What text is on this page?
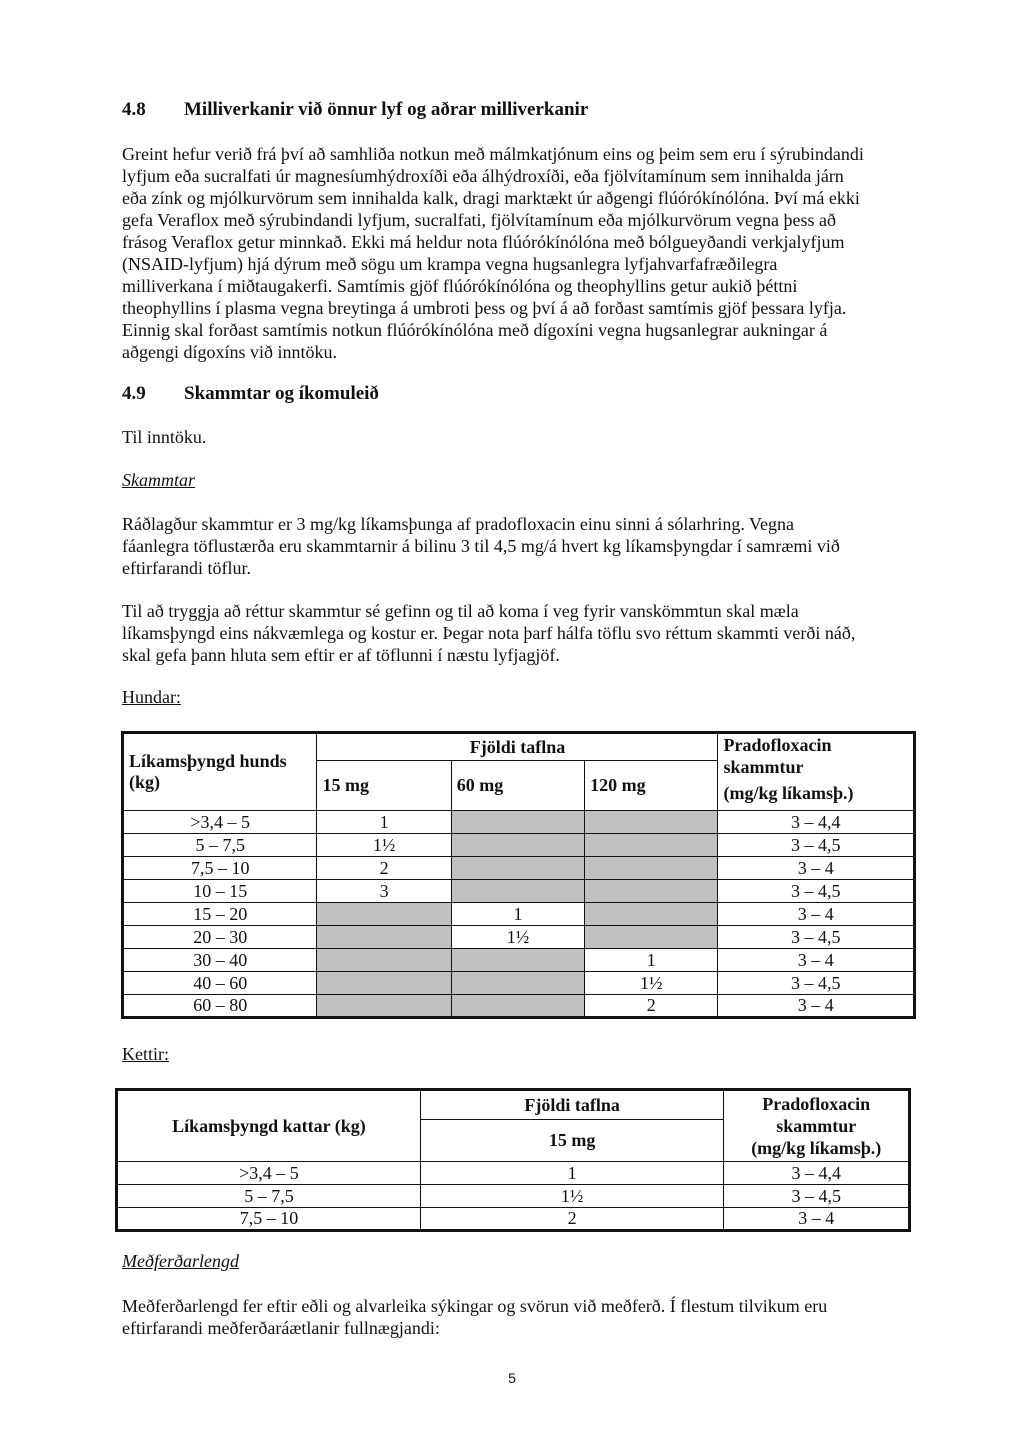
4.8 Milliverkanir við önnur lyf og aðrar milliverkanir
Greint hefur verið frá því að samhliða notkun með málmkatjónum eins og þeim sem eru í sýrubindandi
lyfjum eða sucralfati úr magnesíumhýdroxíði eða álhýdroxíði, eða fjölvítamínum sem innihalda járn
eða zínk og mjólkurvörum sem innihalda kalk, dragi marktækt úr aðgengi flúórókínólóna. Því má ekki
gefa Veraflox með sýrubindandi lyfjum, sucralfati, fjölvítamínum eða mjólkurvörum vegna þess að
frásog Veraflox getur minnkað. Ekki má heldur nota flúórókínólóna með bólgueyðandi verkjalyfjum
(NSAID-lyfjum) hjá dýrum með sögu um krampa vegna hugsanlegra lyfjahvarfafræðilegra
milliverkana í miðtaugakerfi. Samtímis gjöf flúórókínólóna og theophyllins getur aukið þéttni
theophyllins í plasma vegna breytinga á umbroti þess og því á að forðast samtímis gjöf þessara lyfja.
Einnig skal forðast samtímis notkun flúórókínólóna með dígoxíni vegna hugsanlegrar aukningar á
aðgengi dígoxíns við inntöku.
4.9 Skammtar og íkomuleið
Til inntöku.
Skammtar
Ráðlagður skammtur er 3 mg/kg líkamsþunga af pradofloxacin einu sinni á sólarhring. Vegna
fáanlegra töflustærða eru skammtarnir á bilinu 3 til 4,5 mg/á hvert kg líkamsþyngdar í samræmi við
eftirfarandi töflur.
Til að tryggja að réttur skammtur sé gefinn og til að koma í veg fyrir vanskömmtun skal mæla
líkamsþyngd eins nákvæmlega og kostur er. Þegar nota þarf hálfa töflu svo réttum skammti verði náð,
skal gefa þann hluta sem eftir er af töflunni í næstu lyfjagjöf.
Hundar:
Líkamsþyngd hunds (kg)	Fjöldi taflna			Pradofloxacin
skammtur
(mg/kg líkamsþ.)

	15 mg	60 mg	120 mg	
>3,4 – 5	1			3 – 4,4
5 – 7,5	1½			3 – 4,5
7,5 – 10	2			3 – 4
10 – 15	3			3 – 4,5
15 – 20		1		3 – 4
20 – 30		1½		3 – 4,5
30 – 40			1	3 – 4
40 – 60			1½	3 – 4,5
60 – 80			2	3 – 4
Kettir:
Líkamsþyngd kattar (kg)	Fjöldi taflna	Pradofloxacin
skammtur
(mg/kg líkamsþ.)

	15 mg	
>3,4 – 5	1	3 – 4,4
5 – 7,5	1½	3 – 4,5
7,5 – 10	2	3 – 4
Meðferðarlengd
Meðferðarlengd fer eftir eðli og alvarleika sýkingar og svörun við meðferð. Í flestum tilvikum eru
eftirfarandi meðferðaráætlanir fullnægjandi:
5
